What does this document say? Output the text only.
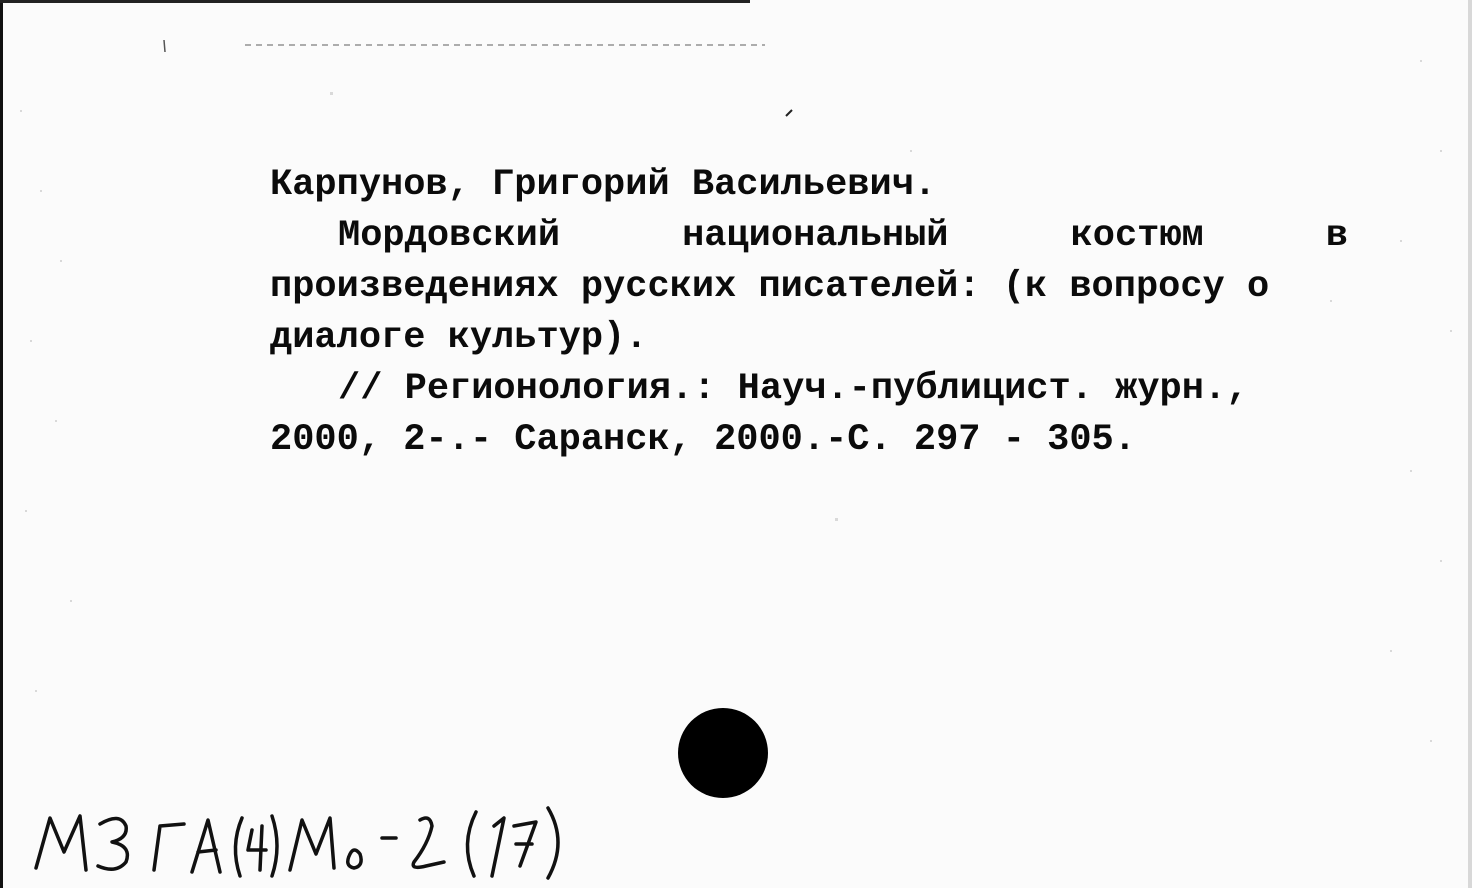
Карпунов, Григорий Васильевич.
Мордовский	национальный	костюм	в
произведениях русских писателей: (к вопросу о
диалоге культур).
// Регионология.: Науч.-публицист. журн.,
2000, 2-.- Саранск, 2000.-С. 297 - 305.
